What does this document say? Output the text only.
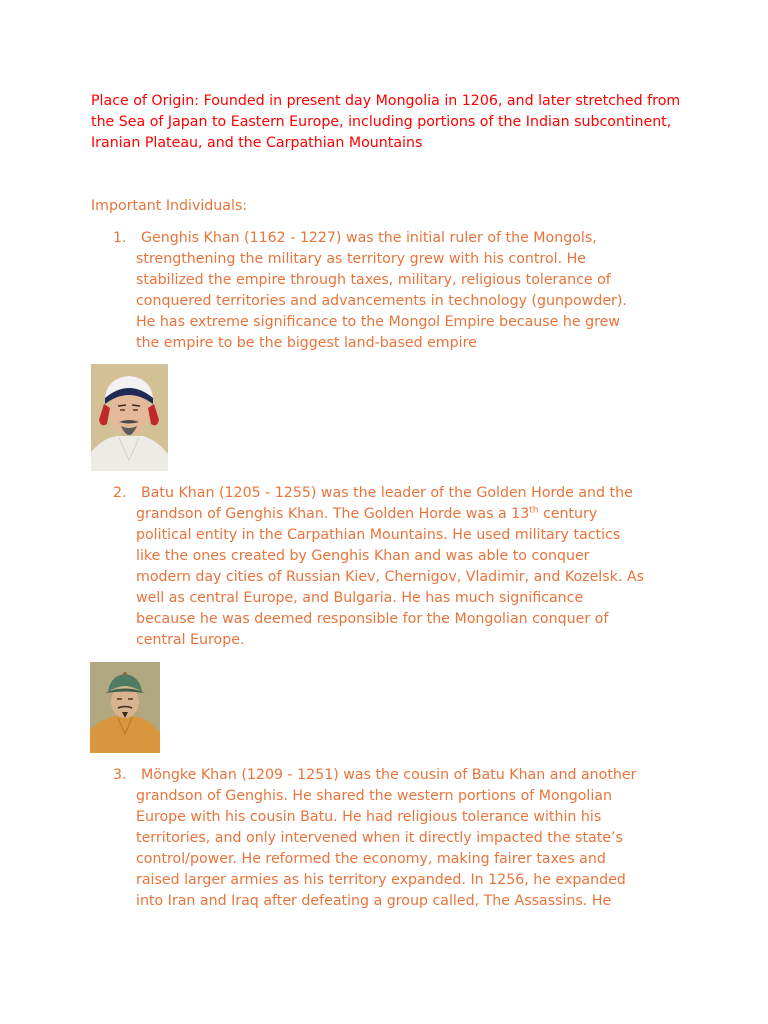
Place of Origin: Founded in present day Mongolia in 1206, and later stretched from the Sea of Japan to Eastern Europe, including portions of the Indian subcontinent, Iranian Plateau, and the Carpathian Mountains
Important Individuals:
1.	Genghis Khan (1162 - 1227) was the initial ruler of the Mongols,
strengthening the military as territory grew with his control. He
stabilized the empire through taxes, military, religious tolerance of
conquered territories and advancements in technology (gunpowder).
He has extreme significance to the Mongol Empire because he grew
the empire to be the biggest land-based empire
2.	Batu Khan (1205 - 1255) was the leader of the Golden Horde and the
grandson of Genghis Khan. The Golden Horde was a 13th century
political entity in the Carpathian Mountains. He used military tactics
like the ones created by Genghis Khan and was able to conquer
modern day cities of Russian Kiev, Chernigov, Vladimir, and Kozelsk. As
well as central Europe, and Bulgaria. He has much significance
because he was deemed responsible for the Mongolian conquer of
central Europe.
3.	Möngke Khan (1209 - 1251) was the cousin of Batu Khan and another
grandson of Genghis. He shared the western portions of Mongolian
Europe with his cousin Batu. He had religious tolerance within his
territories, and only intervened when it directly impacted the state’s
control/power. He reformed the economy, making fairer taxes and
raised larger armies as his territory expanded. In 1256, he expanded
into Iran and Iraq after defeating a group called, The Assassins. He
